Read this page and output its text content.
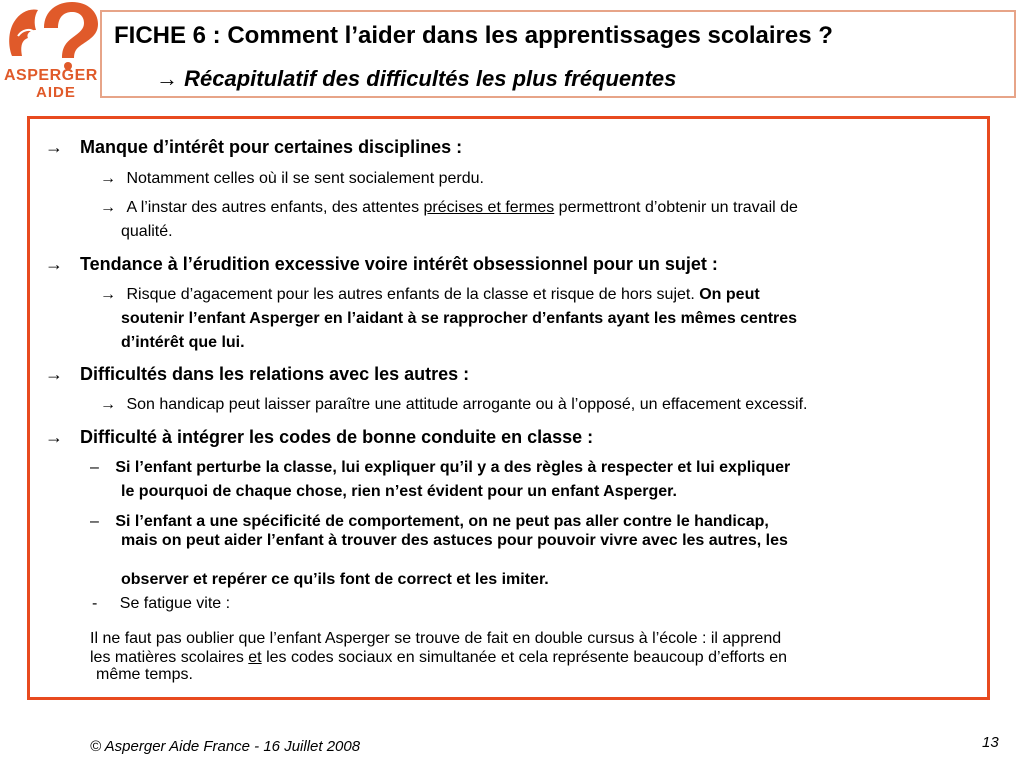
ASPERGER
AIDE
FICHE 6 : Comment l’aider dans les apprentissages scolaires ?
→ Récapitulatif des difficultés les plus fréquentes
→ Manque d’intérêt pour certaines disciplines :
→ Notamment celles où il se sent socialement perdu.
→ A l’instar des autres enfants, des attentes précises et fermes permettront d’obtenir un travail de
qualité.
→ Tendance à l’érudition excessive voire intérêt obsessionnel pour un sujet :
→ Risque d’agacement pour les autres enfants de la classe et risque de hors sujet. On peut
soutenir l’enfant Asperger en l’aidant à se rapprocher d’enfants ayant les mêmes centres
d’intérêt que lui.
→ Difficultés dans les relations avec les autres :
→ Son handicap peut laisser paraître une attitude arrogante ou à l’opposé, un effacement excessif.
→ Difficulté à intégrer les codes de bonne conduite en classe :
– Si l’enfant perturbe la classe, lui expliquer qu’il y a des règles à respecter et lui expliquer
le pourquoi de chaque chose, rien n’est évident pour un enfant Asperger.
– Si l’enfant a une spécificité de comportement, on ne peut pas aller contre le handicap,
mais on peut aider l’enfant à trouver des astuces pour pouvoir vivre avec les autres, les
observer et repérer ce qu’ils font de correct et les imiter.
- Se fatigue vite :
Il ne faut pas oublier que l’enfant Asperger se trouve de fait en double cursus à l’école : il apprend
les matières scolaires et les codes sociaux en simultanée et cela représente beaucoup d’efforts en
même temps.
© Asperger Aide France - 16 Juillet 2008	13
